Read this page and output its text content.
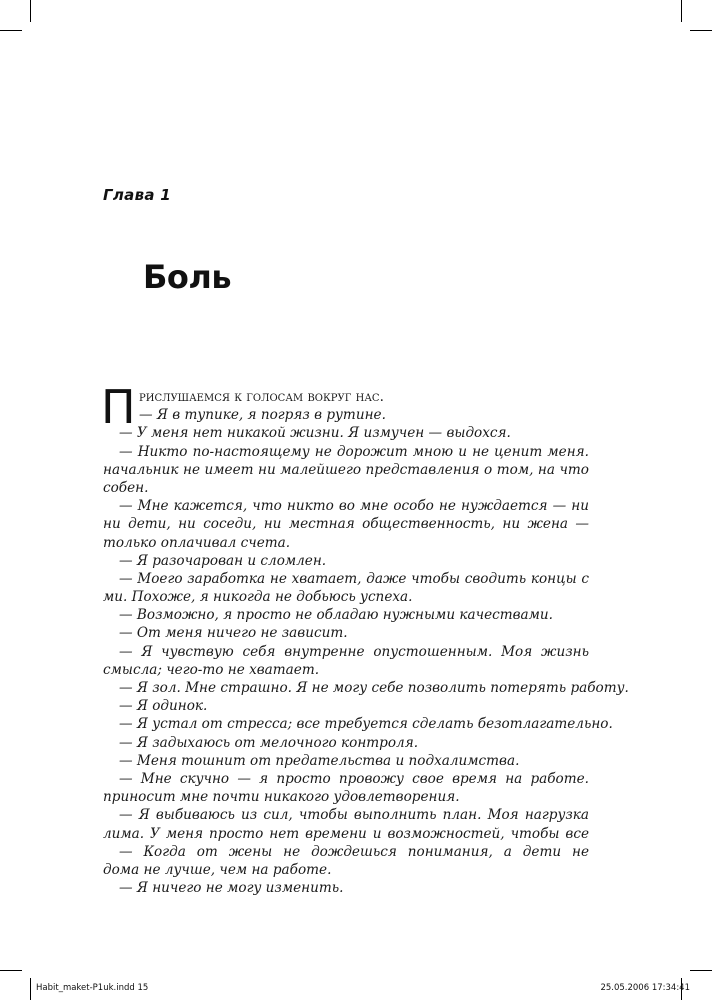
Глава 1
Боль
П рислушаемся к голосам вокруг нас.
— Я в тупике, я погряз в рутине.
— У меня нет никакой жизни. Я измучен — выдохся.
— Никто по-настоящему не дорожит мною и не ценит меня.
начальник не имеет ни малейшего представления о том, на что
собен.
— Мне кажется, что никто во мне особо не нуждается — ни
ни дети, ни соседи, ни местная общественность, ни жена —
только оплачивал счета.
— Я разочарован и сломлен.
— Моего заработка не хватает, даже чтобы сводить концы с
ми. Похоже, я никогда не добьюсь успеха.
— Возможно, я просто не обладаю нужными качествами.
— От меня ничего не зависит.
— Я чувствую себя внутренне опустошенным. Моя жизнь
смысла; чего-то не хватает.
— Я зол. Мне страшно. Я не могу себе позволить потерять работу.
— Я одинок.
— Я устал от стресса; все требуется сделать безотлагательно.
— Я задыхаюсь от мелочного контроля.
— Меня тошнит от предательства и подхалимства.
— Мне скучно — я просто провожу свое время на работе.
приносит мне почти никакого удовлетворения.
— Я выбиваюсь из сил, чтобы выполнить план. Моя нагрузка
лима. У меня просто нет времени и возможностей, чтобы все
— Когда от жены не дождешься понимания, а дети не
дома не лучше, чем на работе.
— Я ничего не могу изменить.
Habit_maket-P1uk.indd 15	25.05.2006 17:34:41
